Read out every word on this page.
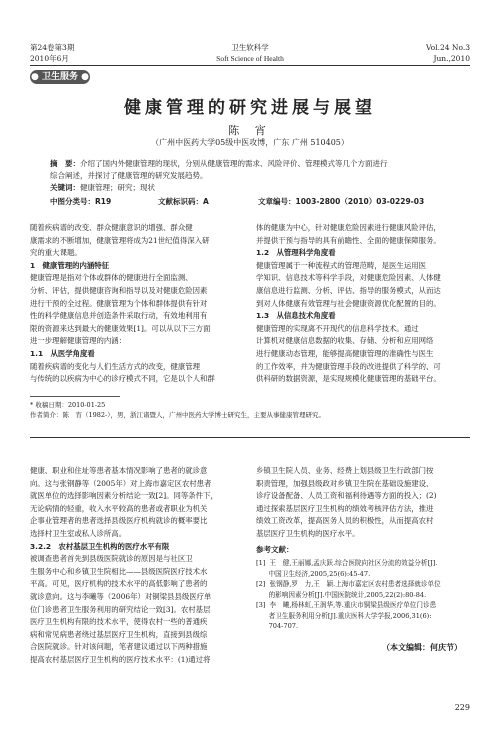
第24卷第3期	卫生软科学	Vol.24 No.3
2010年6月	Soft Science of Health	Jun.,2010
● 卫生服务 ●
健康管理的研究进展与展望
陈 宵
（广州中医药大学05级中医攻博，广东 广州 510405）
摘　要：介绍了国内外健康管理的现状，分别从健康管理的需求、风险评价、管理模式等几个方面进行
综合阐述，并探讨了健康管理的研究发展趋势。
关键词：健康管理；研究；现状
中图分类号：R19	文献标识码：A	文章编号：1003-2800（2010）03-0229-03

随着疾病谱的改变、群众健康意识的增强、群众健

康需求的不断增加，健康管理将成为21世纪值得深入研

究的重大课题。

1　健康管理的内涵特征

健康管理是指对个体或群体的健康进行全面监测、

分析、评估，提供健康咨询和指导以及对健康危险因素

进行干预的全过程。健康管理为个体和群体提供有针对

性的科学健康信息并创造条件采取行动，有效地利用有

限的资源来达到最大的健康效果[1]。可以从以下三方面

进一步理解健康管理的内涵：

1.1　从医学角度看

随着疾病谱的变化与人们生活方式的改变，健康管理

与传统的以疾病为中心的诊疗模式不同，它是以个人和群

体的健康为中心，针对健康危险因素进行健康风险评估，

并提供干预与指导的具有前瞻性、全面的健康保障服务。

1.2　从管理科学角度看

健康管理属于一种流程式的管理范畴，是医生运用医

学知识、信息技术等科学手段，对健康危险因素、人体健

康信息进行监测、分析、评估、指导的服务模式，从而达

到对人体健康有效管理与社会健康资源优化配置的目的。

1.3　从信息技术角度看

健康管理的实现离不开现代的信息科学技术。通过

计算机对健康信息数据的收集、存储、分析和应用网络

进行健康动态管理，能够提高健康管理的准确性与医生

的工作效率，并为健康管理手段的改进提供了科学的、可

供科研的数据资源，是实现规模化健康管理的基础平台。

* 收稿日期：2010-01-25
作者简介：陈　宵（1982-），男，浙江诸暨人，广州中医药大学博士研究生，主要从事健康管理研究。

健康、职业和住址等患者基本情况影响了患者的就诊意

向。这与张钢静等（2005年）对上海市嘉定区农村患者

就医单位的选择影响因素分析结论一致[2]。同等条件下，

无论病情的轻重，收入水平较高的患者或者职业为机关

企事业管理者的患者选择县级医疗机构就诊的概率要比

选择村卫生室或私人诊所高。

3.2.2　农村基层卫生机构的医疗水平有限

被调查患者首先到县级医院就诊的原因是与社区卫

生服务中心和乡镇卫生院相比——县级医院医疗技术水

平高。可见，医疗机构的技术水平的高低影响了患者的

就诊意向。这与李曦等（2006年）对铜梁县县级医疗单

位门诊患者卫生服务利用的研究结论一致[3]。农村基层

医疗卫生机构有限的技术水平，使得农村一些的普通疾

病和常见病患者绕过基层医疗卫生机构，直接到县级综

合医院就诊。针对该问题，笔者建议通过以下两种措施

提高农村基层医疗卫生机构的医疗技术水平：(1)通过将

乡镇卫生院人员、业务、经费上划县级卫生行政部门按

职责管理，加强县级政对乡镇卫生院在基础设施建设、

诊疗设备配备、人员工资和福利待遇等方面的投入；(2)

通过探索基层医疗卫生机构的绩效考核评估方法，推进

绩效工资改革，提高医务人员的积极性，从而提高农村

基层医疗卫生机构的医疗水平。

参考文献：

[1]  王　健,王丽娜,孟庆跃.综合医院向社区分流的效益分析[J].

中国卫生经济,2005,25(6):45-47.

[2]  张钢静,罗　力,王　颖.上海市嘉定区农村患者选择就诊单位

的影响因素分析[J].中国医院统计,2005,22(2):80-84.

[3]  李　曦,杨林虹,王润华,等.重庆市铜梁县级医疗单位门诊患

者卫生服务利用分析[J].重庆医科大学学报,2006,31(6):

704-707.

（本文编辑：何庆节）
229
